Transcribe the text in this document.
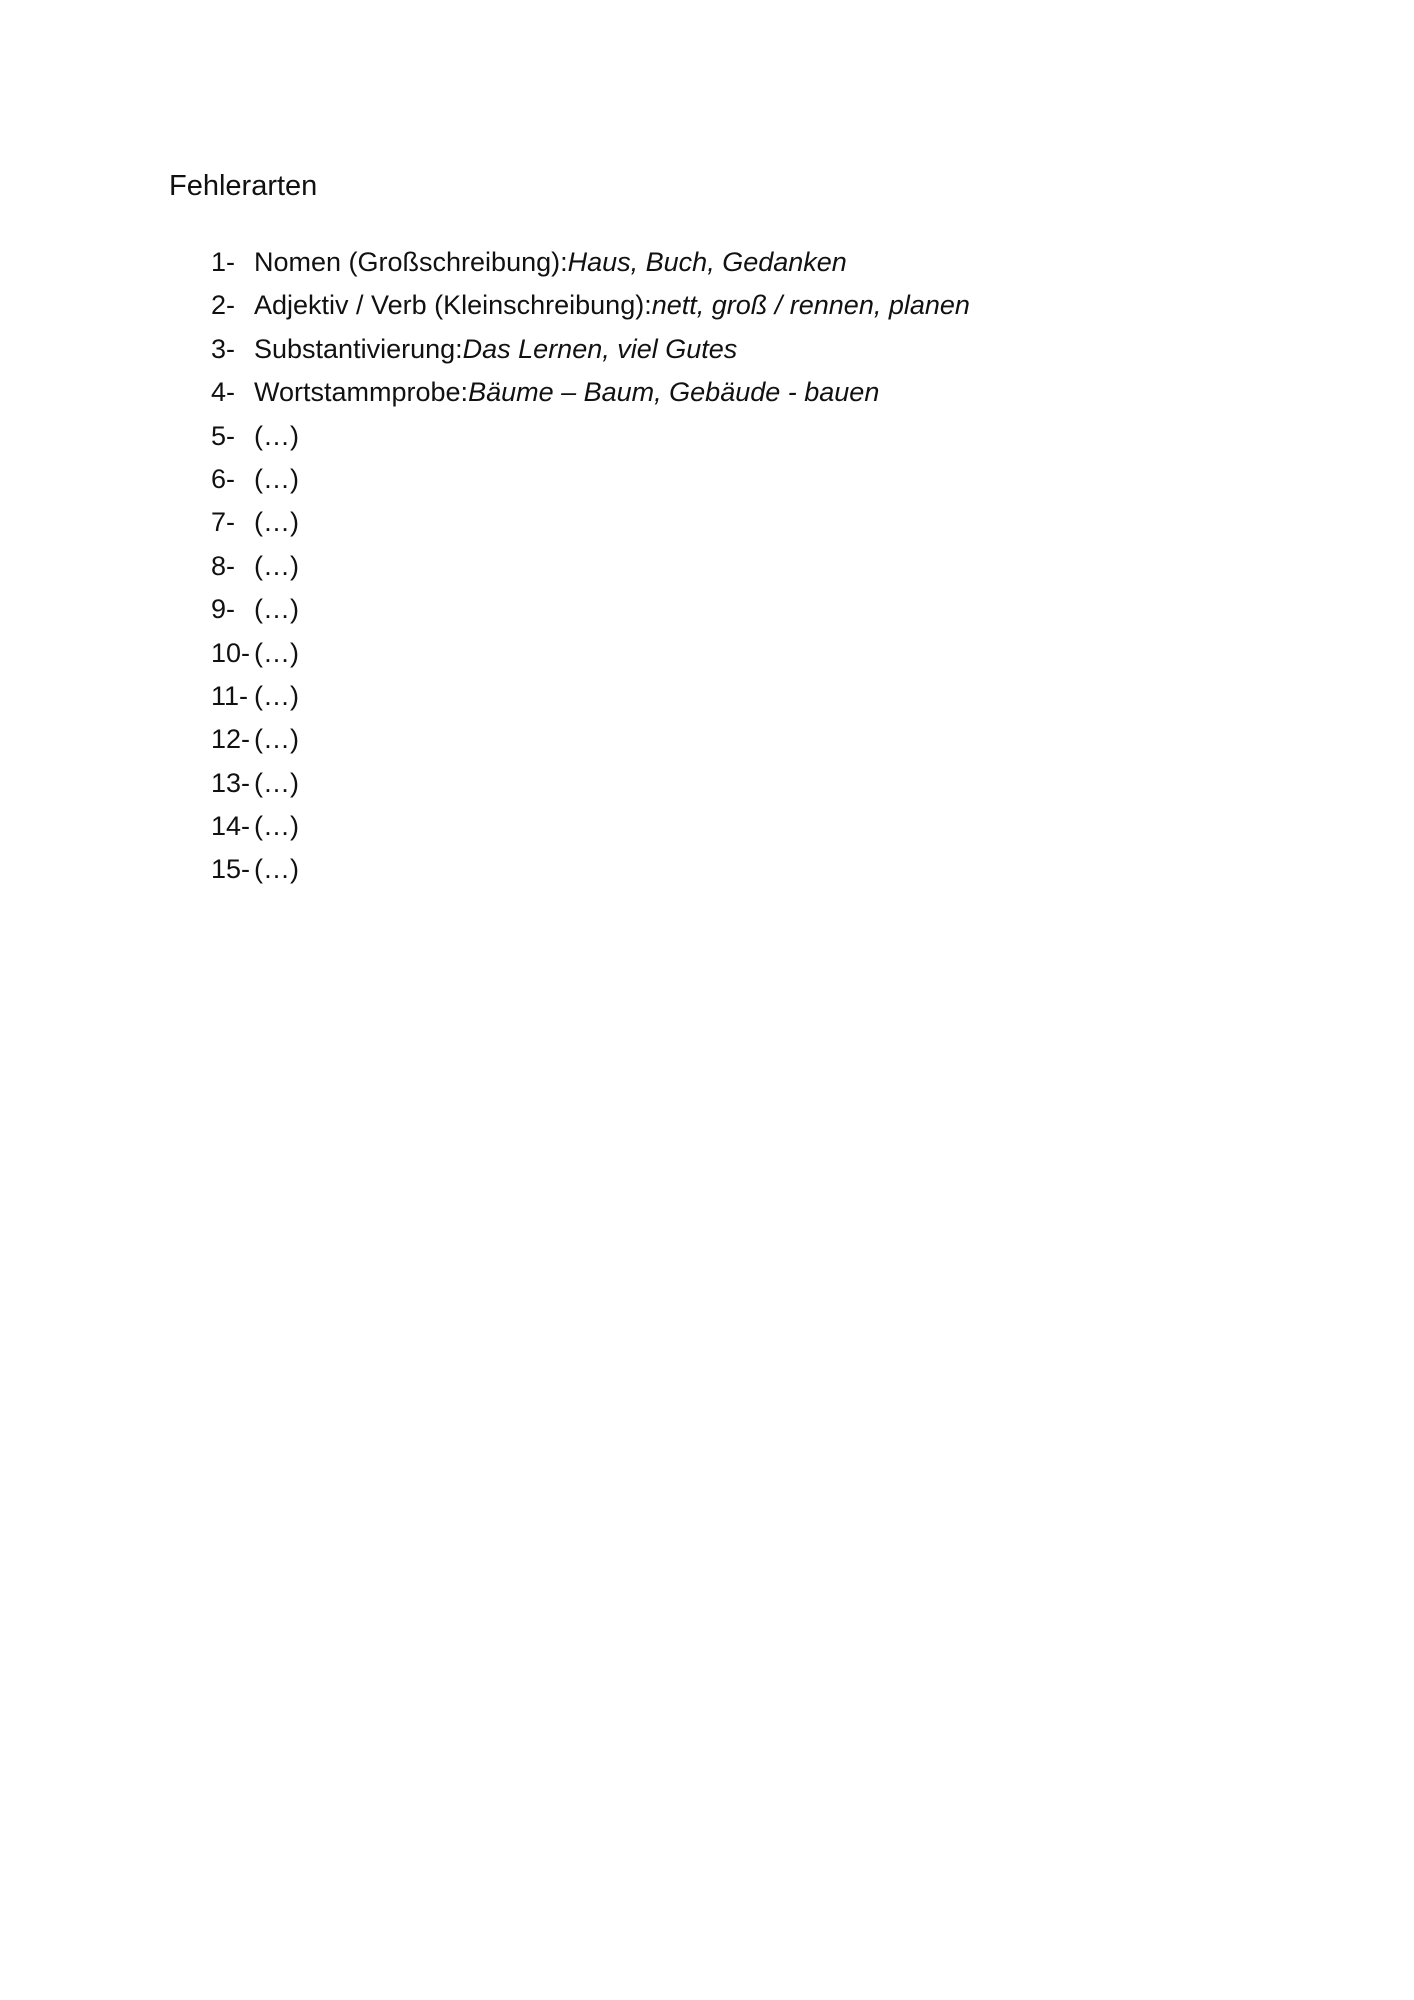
Fehlerarten
1- Nomen (Großschreibung): Haus, Buch, Gedanken
2- Adjektiv / Verb (Kleinschreibung): nett, groß / rennen, planen
3- Substantivierung: Das Lernen, viel Gutes
4- Wortstammprobe: Bäume – Baum, Gebäude - bauen
5- (…)
6- (…)
7- (…)
8- (…)
9- (…)
10- (…)
11- (…)
12- (…)
13- (…)
14- (…)
15- (…)
